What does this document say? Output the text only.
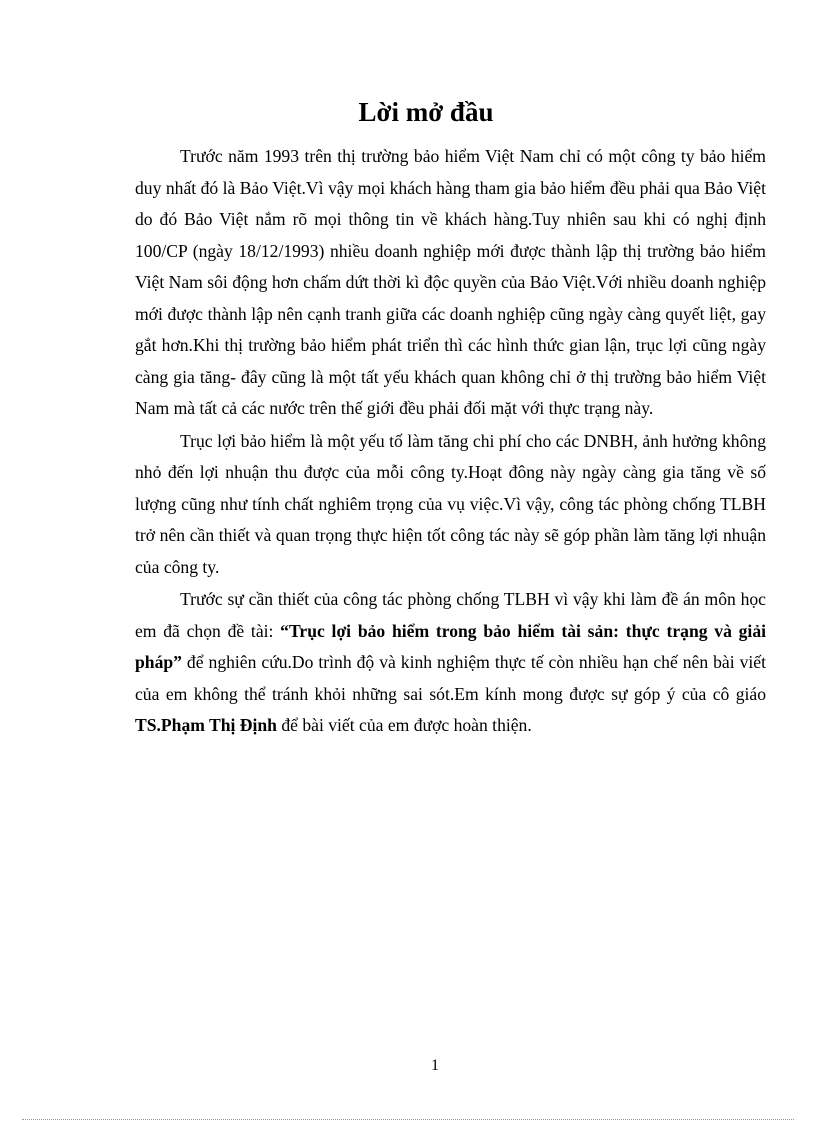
Lời mở đầu

Trước năm 1993 trên thị trường bảo hiểm Việt Nam chỉ có một công ty bảo hiểm duy nhất đó là Bảo Việt.Vì vậy mọi khách hàng tham gia bảo hiểm đều phải qua Bảo Việt do đó Bảo Việt nắm rõ mọi thông tin về khách hàng.Tuy nhiên sau khi có nghị định 100/CP (ngày 18/12/1993) nhiều doanh nghiệp mới được thành lập thị trường bảo hiểm Việt Nam sôi động hơn chấm dứt thời kì độc quyền của Bảo Việt.Với nhiều doanh nghiệp mới được thành lập nên cạnh tranh giữa các doanh nghiệp cũng ngày càng quyết liệt, gay gắt hơn.Khi thị trường bảo hiểm phát triển thì các hình thức gian lận, trục lợi cũng ngày càng gia tăng- đây cũng là một tất yếu khách quan không chỉ ở thị trường bảo hiểm Việt Nam mà tất cả các nước trên thế giới đều phải đối mặt với thực trạng này.

Trục lợi bảo hiểm là một yếu tố làm tăng chi phí cho các DNBH, ảnh hưởng không nhỏ đến lợi nhuận thu được của mỗi công ty.Hoạt đông này ngày càng gia tăng về số lượng cũng như tính chất nghiêm trọng của vụ việc.Vì vậy, công tác phòng chống TLBH trở nên cần thiết và quan trọng thực hiện tốt công tác này sẽ góp phần làm tăng lợi nhuận của công ty.

Trước sự cần thiết của công tác phòng chống TLBH vì vậy khi làm đề án môn học em đã chọn đề tài: “Trục lợi bảo hiểm trong bảo hiểm tài sản: thực trạng và giải pháp” để nghiên cứu.Do trình độ và kinh nghiệm thực tế còn nhiều hạn chế nên bài viết của em không thể tránh khỏi những sai sót.Em kính mong được sự góp ý của cô giáo TS.Phạm Thị Định để bài viết của em được hoàn thiện.

1
